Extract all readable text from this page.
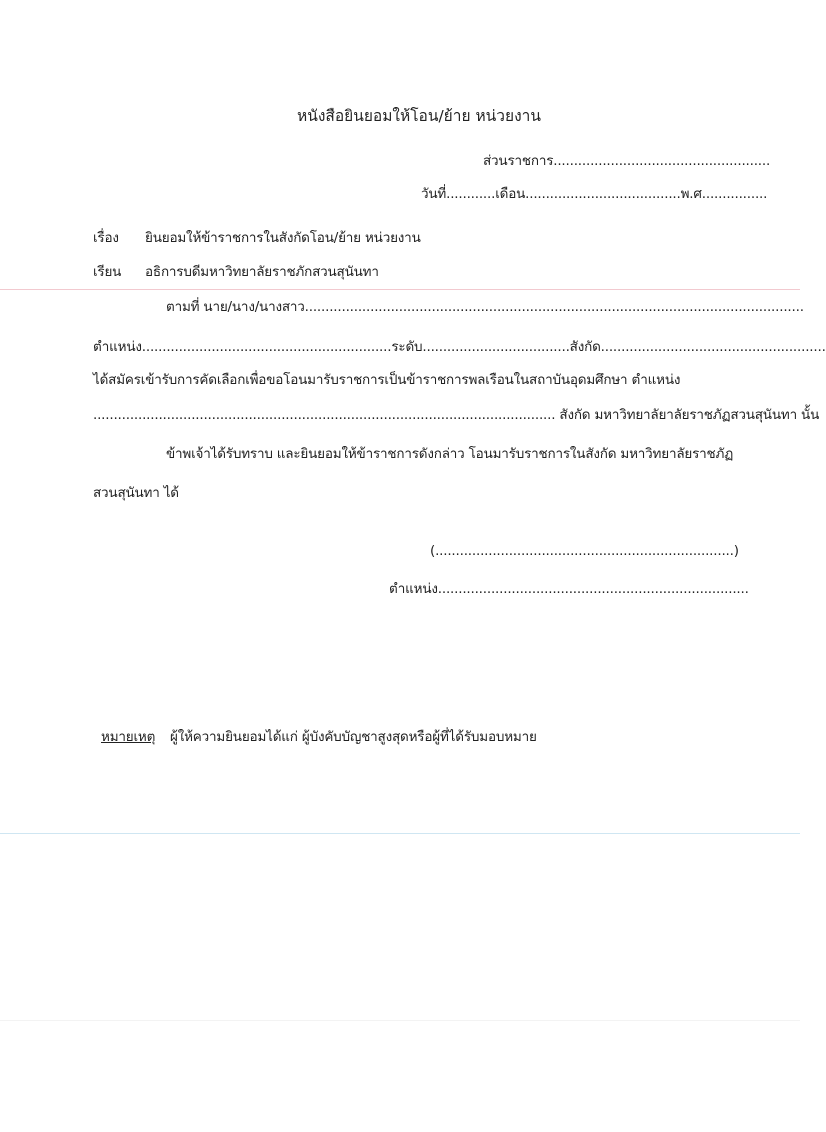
หนังสือยินยอมให้โอน/ย้าย หน่วยงาน
ส่วนราชการ.....................................................
วันที่............เดือน......................................พ.ศ................
เรื่อง ยินยอมให้ข้าราชการในสังกัดโอน/ย้าย หน่วยงาน
เรียน อธิการบดีมหาวิทยาลัยราชภักสวนสุนันทา
ตามที่ นาย/นาง/นางสาว..........................................................................................................................
ตำแหน่ง.............................................................ระดับ....................................สังกัด.......................................................
ได้สมัครเข้ารับการคัดเลือกเพื่อขอโอนมารับราชการเป็นข้าราชการพลเรือนในสถาบันอุดมศึกษา ตำแหน่ง
................................................................................................................. สังกัด มหาวิทยาลัยาลัยราชภัฏสวนสุนันทา นั้น
ข้าพเจ้าได้รับทราบ และยินยอมให้ข้าราชการดังกล่าว โอนมารับราชการในสังกัด มหาวิทยาลัยราชภัฏ
สวนสุนันทา ได้
(.........................................................................)
ตำแหน่ง............................................................................
หมายเหตุ ผู้ให้ความยินยอมได้แก่ ผู้บังคับบัญชาสูงสุดหรือผู้ที่ได้รับมอบหมาย
